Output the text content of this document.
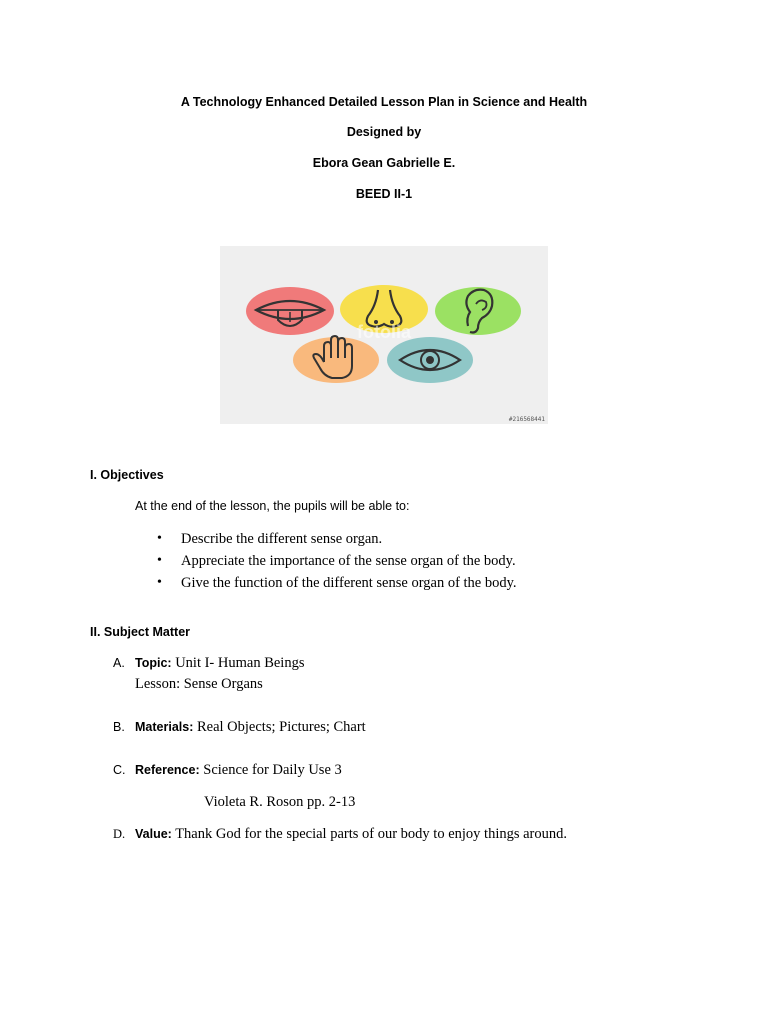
A Technology Enhanced Detailed Lesson Plan in Science and Health
Designed by
Ebora Gean Gabrielle E.
BEED II-1
fotolia
#216568441
I. Objectives
At the end of the lesson, the pupils will be able to:
• Describe the different sense organ.
• Appreciate the importance of the sense organ of the body.
• Give the function of the different sense organ of the body.
II. Subject Matter
A. Topic: Unit I- Human Beings
Lesson: Sense Organs
B. Materials: Real Objects; Pictures; Chart
C. Reference: Science for Daily Use 3
Violeta R. Roson pp. 2-13
D. Value: Thank God for the special parts of our body to enjoy things around.
